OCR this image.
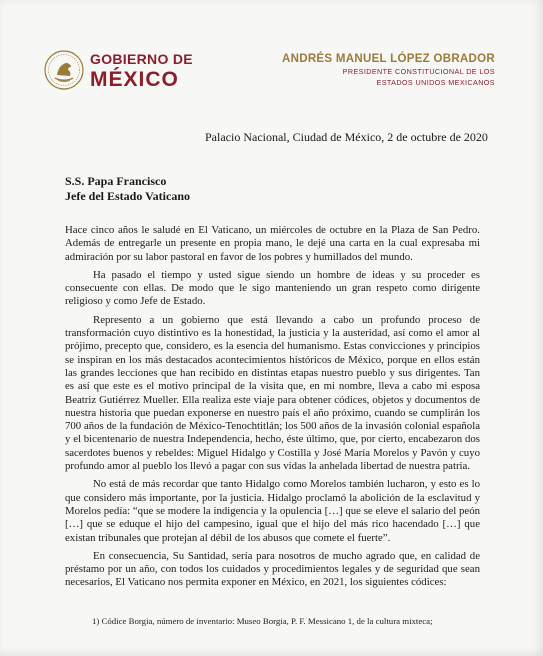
GOBIERNO DE
MÉXICO
ANDRÉS MANUEL LÓPEZ OBRADOR
PRESIDENTE CONSTITUCIONAL DE LOS
ESTADOS UNIDOS MEXICANOS
Palacio Nacional, Ciudad de México, 2 de octubre de 2020
S.S. Papa Francisco
Jefe del Estado Vaticano

Hace cinco años le saludé en El Vaticano, un miércoles de octubre en la Plaza de San Pedro. Además de entregarle un presente en propia mano, le dejé una carta en la cual expresaba mi admiración por su labor pastoral en favor de los pobres y humillados del mundo.

Ha pasado el tiempo y usted sigue siendo un hombre de ideas y su proceder es consecuente con ellas. De modo que le sigo manteniendo un gran respeto como dirigente religioso y como Jefe de Estado.

Represento a un gobierno que está llevando a cabo un profundo proceso de transformación cuyo distintivo es la honestidad, la justicia y la austeridad, así como el amor al prójimo, precepto que, considero, es la esencia del humanismo. Estas convicciones y principios se inspiran en los más destacados acontecimientos históricos de México, porque en ellos están las grandes lecciones que han recibido en distintas etapas nuestro pueblo y sus dirigentes. Tan es así que este es el motivo principal de la visita que, en mi nombre, lleva a cabo mi esposa Beatriz Gutiérrez Mueller. Ella realiza este viaje para obtener códices, objetos y documentos de nuestra historia que puedan exponerse en nuestro país el año próximo, cuando se cumplirán los 700 años de la fundación de México-Tenochtitlán; los 500 años de la invasión colonial española y el bicentenario de nuestra Independencia, hecho, éste último, que, por cierto, encabezaron dos sacerdotes buenos y rebeldes: Miguel Hidalgo y Costilla y José María Morelos y Pavón y cuyo profundo amor al pueblo los llevó a pagar con sus vidas la anhelada libertad de nuestra patria.

No está de más recordar que tanto Hidalgo como Morelos también lucharon, y esto es lo que considero más importante, por la justicia. Hidalgo proclamó la abolición de la esclavitud y Morelos pedía: “que se modere la indigencia y la opulencia […] que se eleve el salario del peón […] que se eduque el hijo del campesino, igual que el hijo del más rico hacendado […] que existan tribunales que protejan al débil de los abusos que comete el fuerte”.

En consecuencia, Su Santidad, sería para nosotros de mucho agrado que, en calidad de préstamo por un año, con todos los cuidados y procedimientos legales y de seguridad que sean necesarios, El Vaticano nos permita exponer en México, en 2021, los siguientes códices:

1) Códice Borgia, número de inventario: Museo Borgia, P. F. Messicano 1, de la cultura mixteca;
